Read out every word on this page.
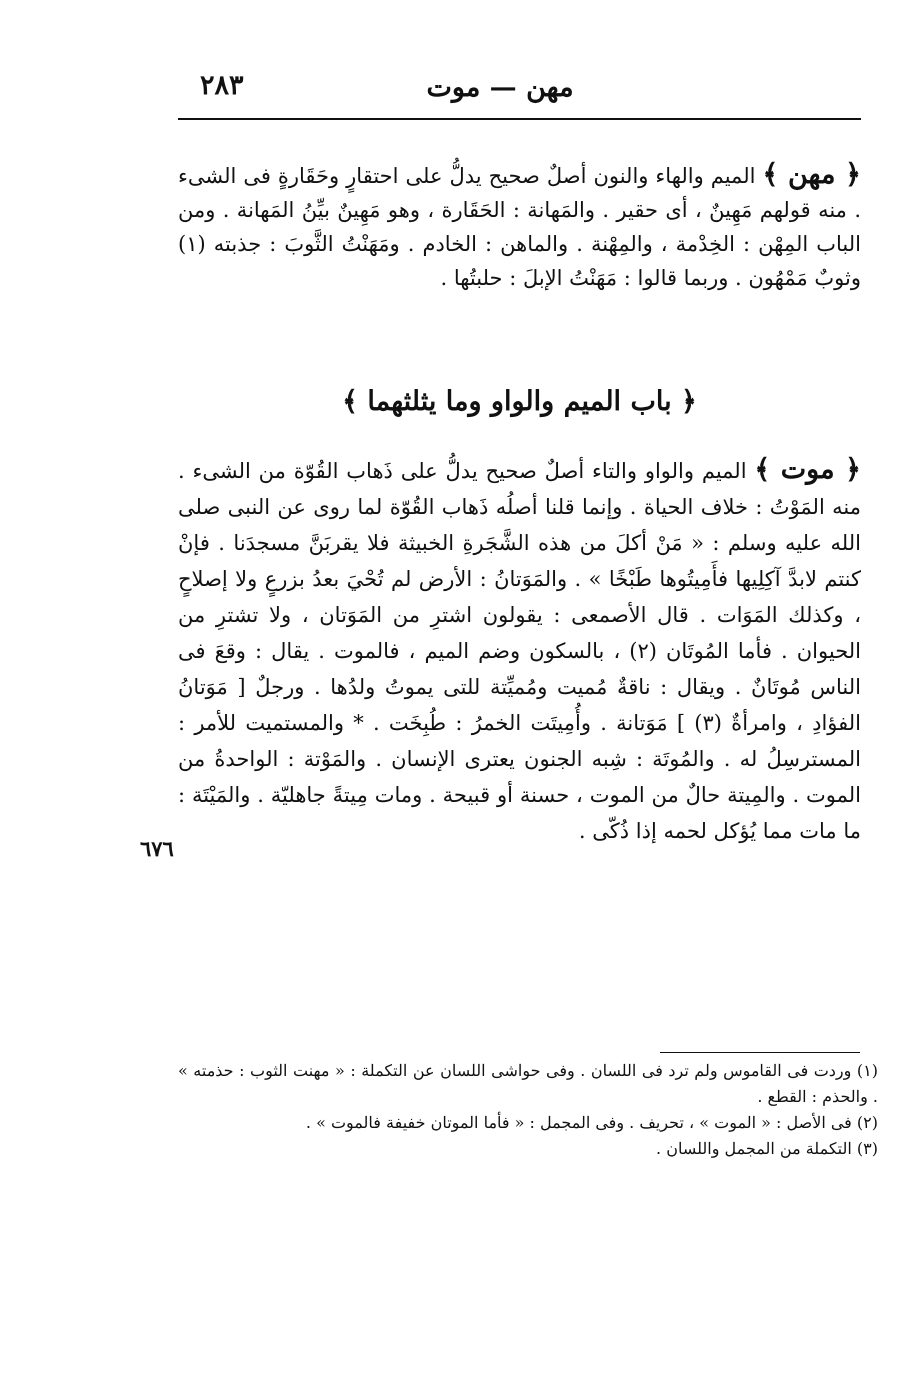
٢٨٣	مهن — موت
﴿ مهن ﴾ الميم والهاء والنون أصلٌ صحيح يدلُّ على احتقارٍ وحَقَارةٍ فى الشىء . منه قولهم مَهِينٌ ، أى حقير . والمَهانة : الحَقَارة ، وهو مَهِينٌ بيِّنُ المَهانة . ومن الباب المِهْن : الخِدْمة ، والمِهْنة . والماهن : الخادم . ومَهَنْتُ الثَّوبَ : جذبته (١) وثوبٌ مَمْهُون . وربما قالوا : مَهَنْتُ الإبلَ : حلبتُها .
﴿ باب الميم والواو وما يثلثهما ﴾
﴿ موت ﴾ الميم والواو والتاء أصلٌ صحيح يدلُّ على ذَهاب القُوّة من الشىء . منه المَوْتُ : خلاف الحياة . وإنما قلنا أصلُه ذَهاب القُوّة لما روى عن النبى صلى الله عليه وسلم : « مَنْ أكلَ من هذه الشَّجَرةِ الخبيثة فلا يقربَنَّ مسجدَنا . فإنْ كنتم لابدَّ آكِلِيها فأَمِيتُوها طَبْخًا » . والمَوَتانُ : الأرض لم تُحْيَ بعدُ بزرعٍ ولا إصلاحٍ ، وكذلك المَوَات . قال الأصمعى : يقولون اشترِ من المَوَتان ، ولا تشترِ من الحيوان . فأما المُوتَان (٢) ، بالسكون وضم الميم ، فالموت . يقال : وقعَ فى الناس مُوتَانٌ . ويقال : ناقةٌ مُميت ومُميِّتة للتى يموتُ ولدُها . ورجلٌ [ مَوَتانُ الفؤادِ ، وامرأةٌ (٣) ] مَوَتانة . وأُمِيتَت الخمرُ : طُبِخَت . * والمستميت للأمر : المسترسِلُ له . والمُوتَة : شِبه الجنون يعترى الإنسان . والمَوْتة : الواحدةُ من الموت . والمِيتة حالٌ من الموت ، حسنة أو قبيحة . ومات مِيتةً جاهليّة . والمَيْتَة : ما مات مما يُؤكل لحمه إذا ذُكّى .
٦٧٦

(١) وردت فى القاموس ولم ترد فى اللسان . وفى حواشى اللسان عن التكملة : « مهنت الثوب : حذمته » . والحذم : القطع .

(٢) فى الأصل : « الموت » ، تحريف . وفى المجمل : « فأما الموتان خفيفة فالموت » .

(٣) التكملة من المجمل واللسان .
